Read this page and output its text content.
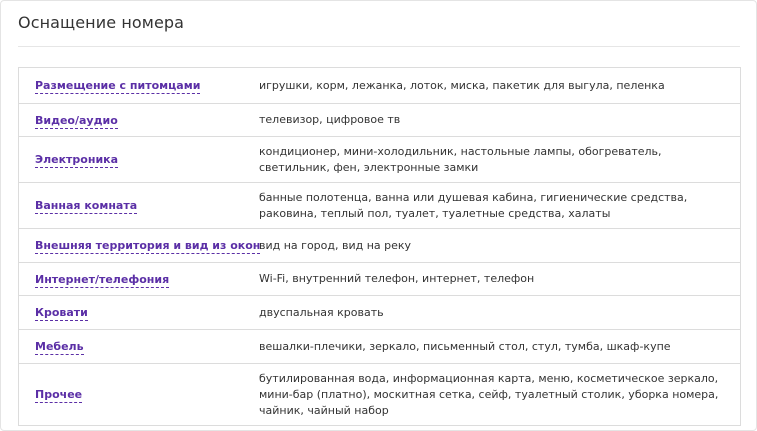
Оснащение номера
Размещение с питомцами	игрушки, корм, лежанка, лоток, миска, пакетик для выгула, пеленка
Видео/аудио	телевизор, цифровое тв
Электроника	кондиционер, мини-холодильник, настольные лампы, обогреватель, светильник, фен, электронные замки
Ванная комната	банные полотенца, ванна или душевая кабина, гигиенические средства, раковина, теплый пол, туалет, туалетные средства, халаты
Внешняя территория и вид из окон	вид на город, вид на реку
Интернет/телефония	Wi-Fi, внутренний телефон, интернет, телефон
Кровати	двуспальная кровать
Мебель	вешалки-плечики, зеркало, письменный стол, стул, тумба, шкаф-купе
Прочее	бутилированная вода, информационная карта, меню, косметическое зеркало, мини-бар (платно), москитная сетка, сейф, туалетный столик, уборка номера, чайник, чайный набор
